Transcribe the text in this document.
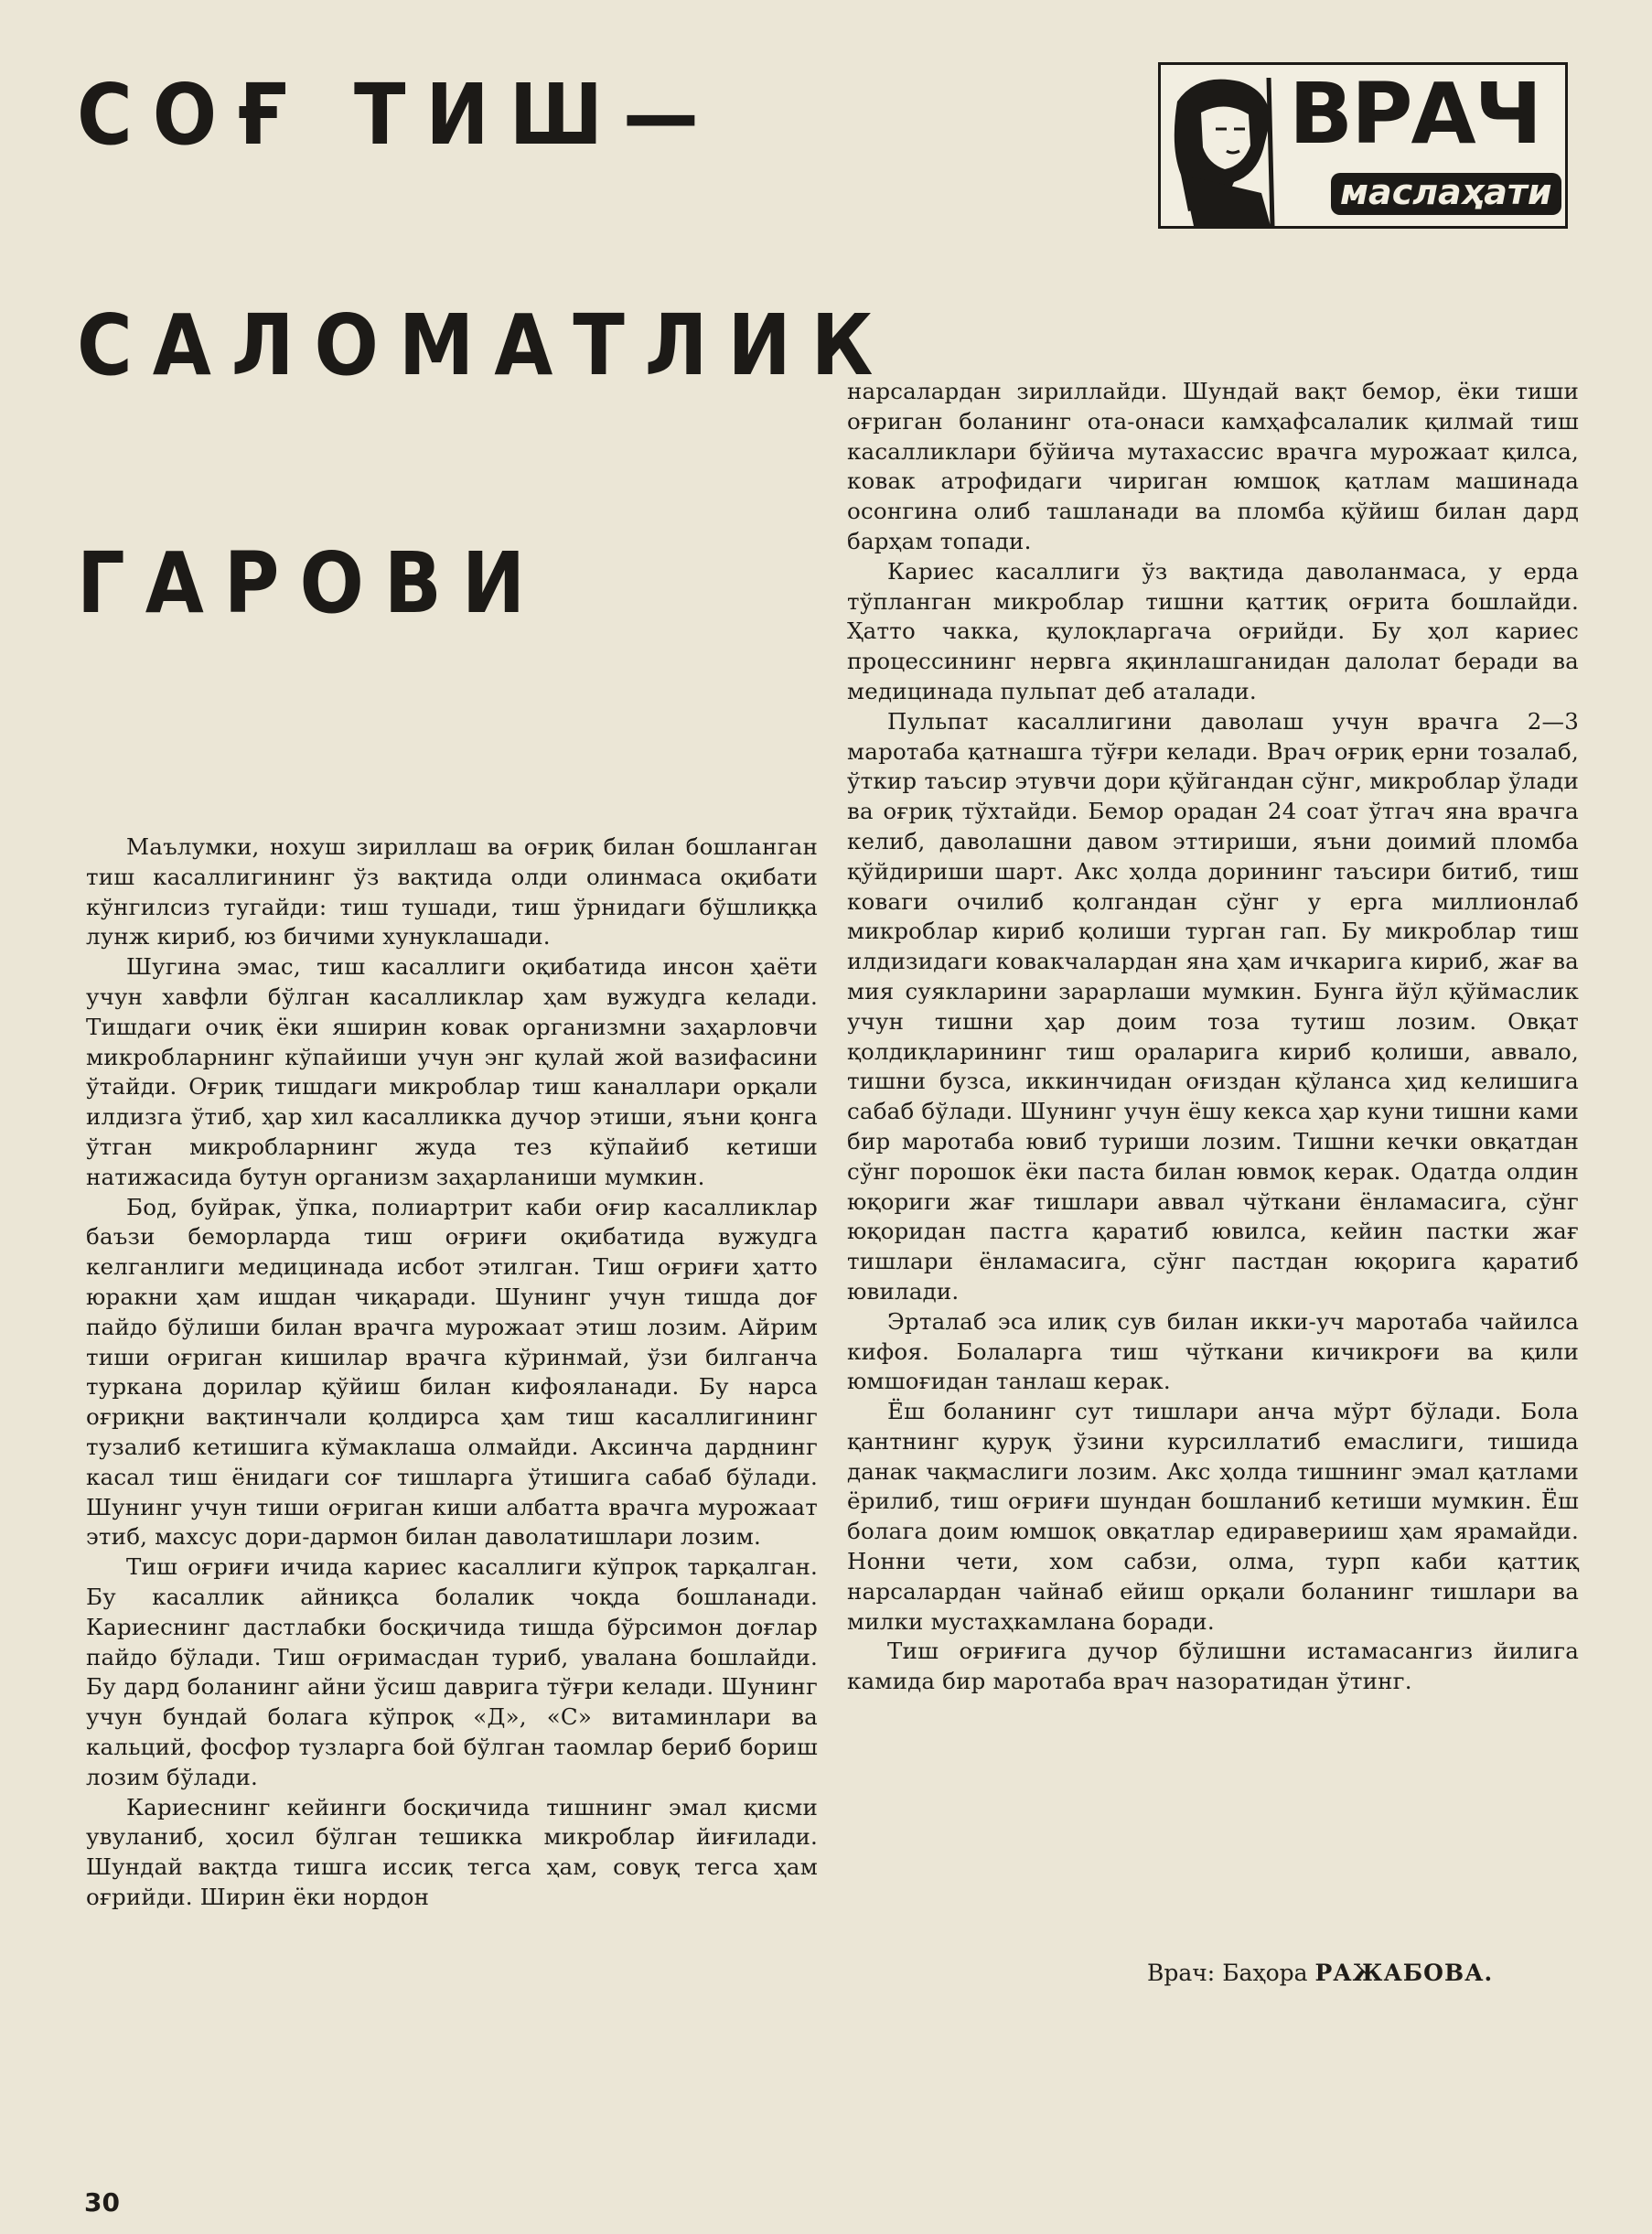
СОҒ ТИШ—
САЛОМАТЛИК
ГАРОВИ
ВРАЧ
маслаҳати

Маълумки, нохуш зириллаш ва оғриқ билан бошланган тиш касаллигининг ўз вақтида олди олинмаса оқибати кўнгилсиз тугайди: тиш тушади, тиш ўрнидаги бўшлиққа лунж кириб, юз бичими хунуклашади.

Шугина эмас, тиш касаллиги оқибатида инсон ҳаёти учун хавфли бўлган касалликлар ҳам вужудга келади. Тишдаги очиқ ёки яширин ковак организмни заҳарловчи микробларнинг кўпайиши учун энг қулай жой вазифасини ўтайди. Оғриқ тишдаги микроблар тиш каналлари орқали илдизга ўтиб, ҳар хил касалликка дучор этиши, яъни қонга ўтган микробларнинг жуда тез кўпайиб кетиши натижасида бутун организм заҳарланиши мумкин.

Бод, буйрак, ўпка, полиартрит каби оғир касалликлар баъзи беморларда тиш оғриғи оқибатида вужудга келганлиги медицинада исбот этилган. Тиш оғриғи ҳатто юракни ҳам ишдан чиқаради. Шунинг учун тишда доғ пайдо бўлиши билан врачга мурожаат этиш лозим. Айрим тиши оғриган кишилар врачга кўринмай, ўзи билганча туркана дорилар қўйиш билан кифояланади. Бу нарса оғриқни вақтинчали қолдирса ҳам тиш касаллигининг тузалиб кетишига кўмаклаша олмайди. Аксинча дарднинг касал тиш ёнидаги соғ тишларга ўтишига сабаб бўлади. Шунинг учун тиши оғриган киши албатта врачга мурожаат этиб, махсус дори-дармон билан даволатишлари лозим.

Тиш оғриғи ичида кариес касаллиги кўпроқ тарқалган. Бу касаллик айниқса болалик чоқда бошланади. Кариеснинг дастлабки босқичида тишда бўрсимон доғлар пайдо бўлади. Тиш оғримасдан туриб, увалана бошлайди. Бу дард боланинг айни ўсиш даврига тўғри келади. Шунинг учун бундай болага кўпроқ «Д», «С» витаминлари ва кальций, фосфор тузларга бой бўлган таомлар бериб бориш лозим бўлади.

Кариеснинг кейинги босқичида тишнинг эмал қисми увуланиб, ҳосил бўлган тешикка микроблар йиғилади. Шундай вақтда тишга иссиқ тегса ҳам, совуқ тегса ҳам оғрийди. Ширин ёки нордон

нарсалардан зириллайди. Шундай вақт бемор, ёки тиши оғриган боланинг ота-онаси камҳафсалалик қилмай тиш касалликлари бўйича мутахассис врачга мурожаат қилса, ковак атрофидаги чириган юмшоқ қатлам машинада осонгина олиб ташланади ва пломба қўйиш билан дард барҳам топади.

Кариес касаллиги ўз вақтида даволанмаса, у ерда тўпланган микроблар тишни қаттиқ оғрита бошлайди. Ҳатто чакка, қулоқларгача оғрийди. Бу ҳол кариес процессининг нервга яқинлашганидан далолат беради ва медицинада пульпат деб аталади.

Пульпат касаллигини даволаш учун врачга 2—3 маротаба қатнашга тўғри келади. Врач оғриқ ерни тозалаб, ўткир таъсир этувчи дори қўйгандан сўнг, микроблар ўлади ва оғриқ тўхтайди. Бемор орадан 24 соат ўтгач яна врачга келиб, даволашни давом эттириши, яъни доимий пломба қўйдириши шарт. Акс ҳолда дорининг таъсири битиб, тиш коваги очилиб қолгандан сўнг у ерга миллионлаб микроблар кириб қолиши турган гап. Бу микроблар тиш илдизидаги ковакчалардан яна ҳам ичкарига кириб, жағ ва мия суякларини зарарлаши мумкин. Бунга йўл қўймаслик учун тишни ҳар доим тоза тутиш лозим. Овқат қолдиқларининг тиш ораларига кириб қолиши, аввало, тишни бузса, иккинчидан оғиздан қўланса ҳид келишига сабаб бўлади. Шунинг учун ёшу кекса ҳар куни тишни ками бир маротаба ювиб туриши лозим. Тишни кечки овқатдан сўнг порошок ёки паста билан ювмоқ керак. Одатда олдин юқориги жағ тишлари аввал чўткани ёнламасига, сўнг юқоридан пастга қаратиб ювилса, кейин пастки жағ тишлари ёнламасига, сўнг пастдан юқорига қаратиб ювилади.

Эрталаб эса илиқ сув билан икки-уч маротаба чайилса кифоя. Болаларга тиш чўткани кичикроғи ва қили юмшоғидан танлаш керак.

Ёш боланинг сут тишлари анча мўрт бўлади. Бола қантнинг қуруқ ўзини курсиллатиб емаслиги, тишида данак чақмаслиги лозим. Акс ҳолда тишнинг эмал қатлами ёрилиб, тиш оғриғи шундан бошланиб кетиши мумкин. Ёш болага доим юмшоқ овқатлар едираверииш ҳам ярамайди. Нонни чети, хом сабзи, олма, турп каби қаттиқ нарсалардан чайнаб ейиш орқали боланинг тишлари ва милки мустаҳкамлана боради.

Тиш оғриғига дучор бўлишни истамасангиз йилига камида бир маротаба врач назоратидан ўтинг.

Врач: Баҳора РАЖАБОВА.
30
